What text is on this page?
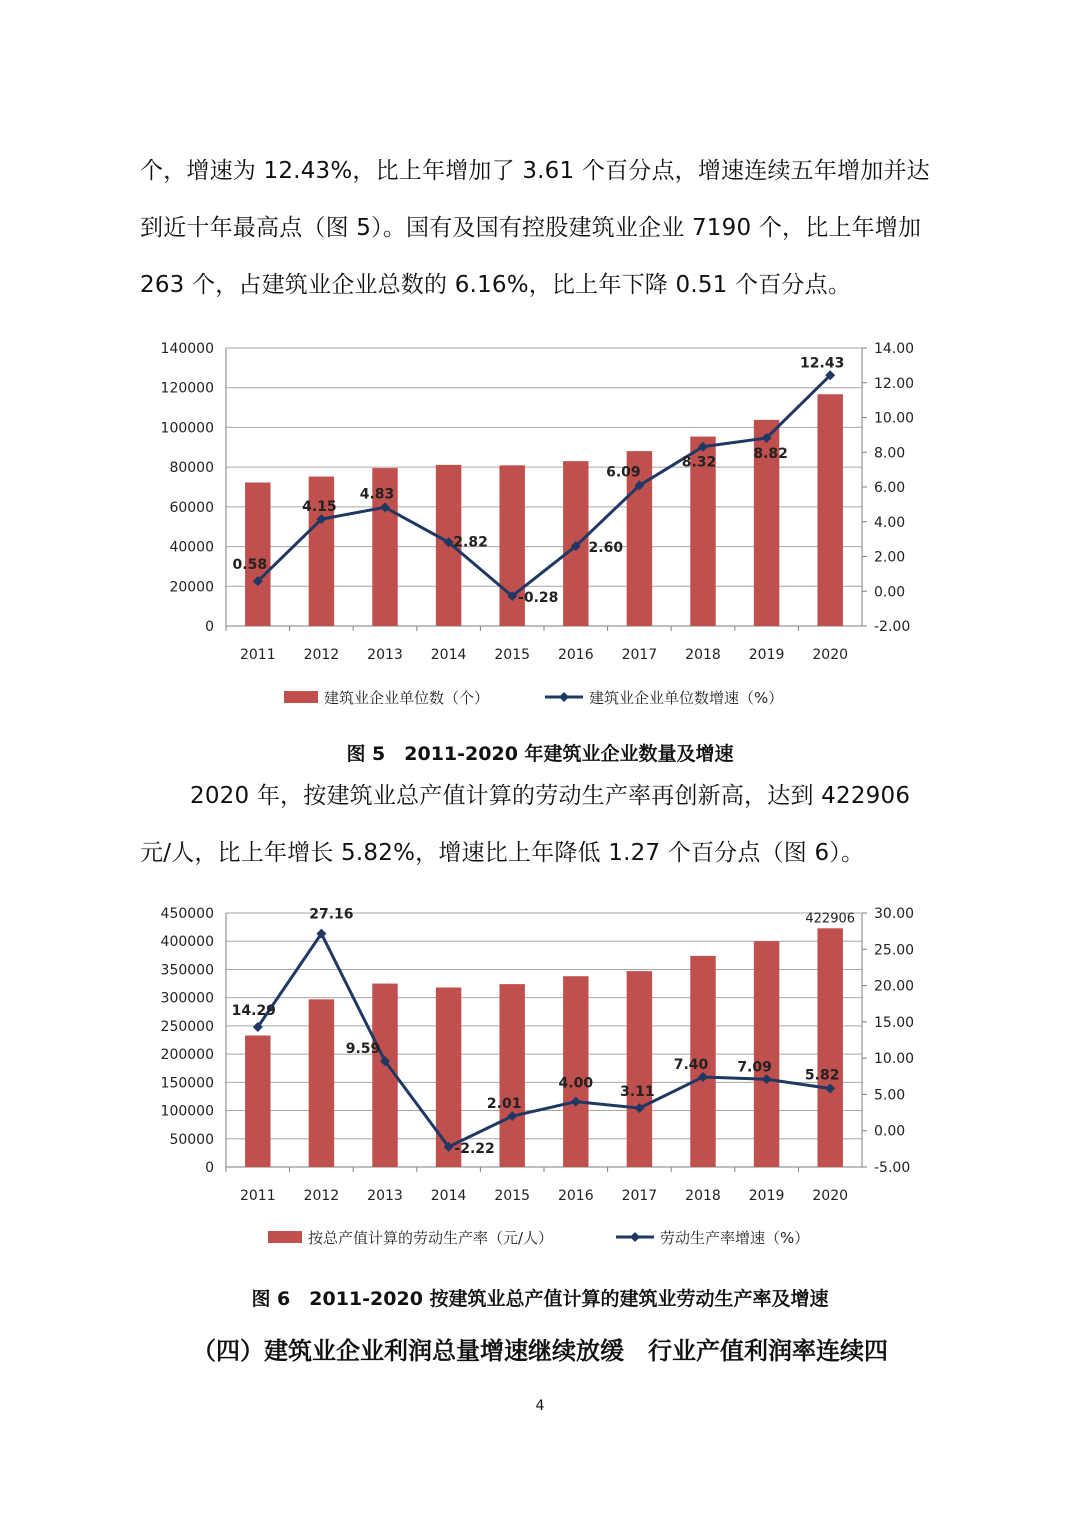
个，增速为 12.43%，比上年增加了 3.61 个百分点，增速连续五年增加并达到近十年最高点（图 5）。国有及国有控股建筑业企业 7190 个，比上年增加 263 个，占建筑业企业总数的 6.16%，比上年下降 0.51 个百分点。

0
20000
40000
60000
80000
100000
120000
140000
-2.00
0.00
2.00
4.00
6.00
8.00
10.00
12.00
14.00
2011 2012 2013 2014 2015 2016 2017 2018 2019 2020
0.58
4.15
4.83
2.82
-0.28
2.60
6.09
8.32
8.82
12.43
建筑业企业单位数（个）	建筑业企业单位数增速（%）

图 5　2011-2020 年建筑业企业数量及增速

2020 年，按建筑业总产值计算的劳动生产率再创新高，达到 422906 元/人，比上年增长 5.82%，增速比上年降低 1.27 个百分点（图 6）。

0
50000
100000
150000
200000
250000
300000
350000
400000
450000
-5.00
0.00
5.00
10.00
15.00
20.00
25.00
30.00
422906
2011 2012 2013 2014 2015 2016 2017 2018 2019 2020
14.29
27.16
9.59
-2.22
2.01
4.00
3.11
7.40 7.09
5.82
按总产值计算的劳动生产率（元/人）	劳动生产率增速（%）

图 6　2011-2020 按建筑业总产值计算的建筑业劳动生产率及增速

（四）建筑业企业利润总量增速继续放缓　行业产值利润率连续四

4
